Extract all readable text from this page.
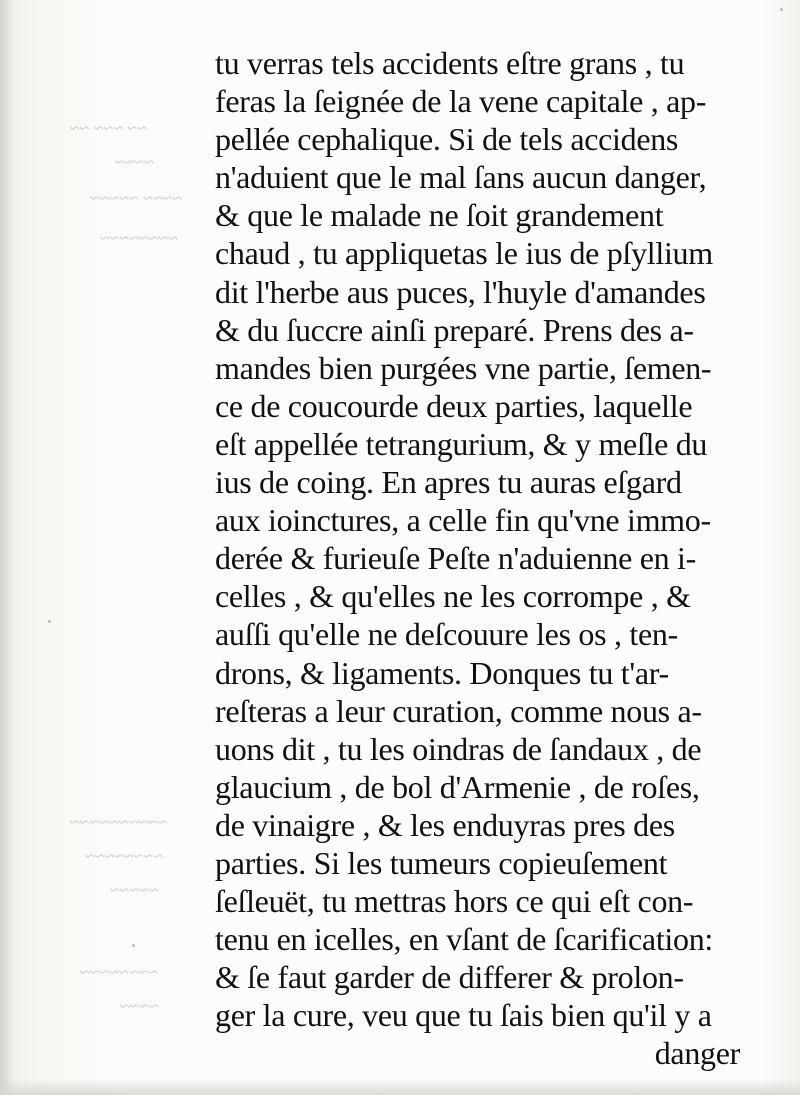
~~ ~~~ ~~
~~~~
~~~~ ~~~~~
~~~~~~~~
~~~~~~~~~~
~~~~~~~~
~~~~~
~~~~~~~~
~~~~
tu verras tels accidents eſtre grans , tu
feras la ſeignée de la vene capitale , ap-
pellée cephalique. Si de tels accidens
n'aduient que le mal ſans aucun danger,
& que le malade ne ſoit grandement
chaud , tu appliquetas le ius de pſyllium
dit l'herbe aus puces, l'huyle d'amandes
& du ſuccre ainſi preparé. Prens des a-
mandes bien purgées vne partie, ſemen-
ce de coucourde deux parties, laquelle
eſt appellée tetrangurium, & y meſle du
ius de coing. En apres tu auras eſgard
aux ioinctures, a celle fin qu'vne immo-
derée & furieuſe Peſte n'aduienne en i-
celles , & qu'elles ne les corrompe , &
auſſi qu'elle ne deſcouure les os , ten-
drons, & ligaments. Donques tu t'ar-
reſteras a leur curation, comme nous a-
uons dit , tu les oindras de ſandaux , de
glaucium , de bol d'Armenie , de roſes,
de vinaigre , & les enduyras pres des
parties. Si les tumeurs copieuſement
ſeſleuët, tu mettras hors ce qui eſt con-
tenu en icelles, en vſant de ſcarification:
& ſe faut garder de differer & prolon-
ger la cure, veu que tu ſais bien qu'il y a
danger
